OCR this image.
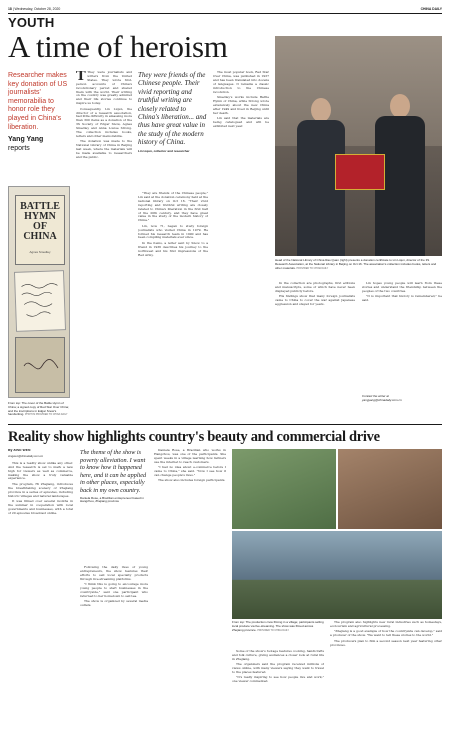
18 | Wednesday, October 28, 2020	CHINA DAILY
YOUTH
A time of heroism
Researcher makes key donation of US journalists' memorabilia to honor role they played in China's liberation.
Yang Yang
reports
BATTLE HYMN OF CHINA
Agnes Smedley
From top: The cover of the Battle Hymn of China; a signed copy of Red Star Over China; and the inscriptions in Edgar Snow's handwriting. PHOTOS PROVIDED TO CHINA DAILY

T They were journalists and writers from the United States. They wrote first-person accounts of China's revolutionary period and shared them with the world. Their writing on the country was greatly admired and their life stories continue to inspire us today.

Consequently, Lin Liqun, the director of a research association, had little difficulty in amassing more than 300 items as a donation of the 3S Society of Edgar Snow, Agnes Smedley and Anna Louise Strong. The collection includes books, letters and other memorabilia.

The donation was made to the National Library of China in Beijing last week, where the materials will be made available to researchers and the public.

They were friends of the Chinese people. Their vivid reporting and truthful writing are closely related to China's liberation... and thus have great value in the study of the modern history of China.
Lin Liqun, collector and researcher

"They are friends of the Chinese people," Lin said at the donation ceremony held at the national library on Oct 16. "Their vivid reporting and truthful writing are closely related to China's liberation in the first half of the 20th century, and they have great value in the study of the modern history of China."

Lin, now 71, began to study foreign journalists who visited China in 1979. He formed his research team in 1990 and has been compiling materials ever since.

In the items, a letter sent by Snow to a friend in 1936 describes his journey to the northwest and his first impressions of the Red Army.

The most popular book, Red Star Over China, was published in 1937 and has been translated into dozens of languages. It remains a classic introduction to the Chinese revolution.

Smedley's works include Battle Hymn of China, while Strong wrote extensively about the new China after 1949 and lived in Beijing until her death.

Lin said that the materials are being catalogued and will be exhibited next year.

Head of the National Library of China Rao Quan (right) presents a donation certificate to Lin Liqun, director of the 3S Research Association, at the National Library in Beijing on Oct 16. The association's collection includes books, letters and other materials. PROVIDED TO CHINA DAILY

In the collection are photographs, first editions and manuscripts, some of which have never been displayed publicly before.

His findings show that many foreign journalists came to China to cover the war against Japanese aggression and stayed for years.

Lin hopes young people will learn from these stories and understand the friendship between the peoples of the two countries.

"It is important that history is remembered," he said.

Contact the writer at
yangyang@chinadaily.com.cn
Reality show highlights country's beauty and commercial drive
By XING WEN
xingwen@chinadaily.com.cn

This is a reality show unlike any other. And the research is set to mark a new high for viewers as well as commerce, making the show a truly valuable experience.

The program, Hi Zhejiang, introduces the breathtaking scenery of Zhejiang province in a series of episodes, including historic villages and natural landscapes.

It was filmed over several months in the summer in cooperation with local governments and businesses, with a total of 20 episodes broadcast online.

The theme of the show is poverty alleviation. I want to know how it happened here, and it can be applied in other places, especially back in my own country.
Daniela Rose, a Brazilian entrepreneur based in Hangzhou, Zhejiang province

Following the daily lives of young entrepreneurs, the show features their efforts to sell local specialty products through live-streaming platforms.

"I think this is going to encourage more young people to start businesses in the countryside," said one participant who returned to her hometown to sell tea.

The show is organized by several media outlets.

Daniela Rose, a Brazilian who works in Hangzhou, was one of the participants. She spent weeks in a village learning how farmers use the internet to reach customers.

"I had no idea about e-commerce before I came to China," she said. "Now I see how it can change people's lives."

The show also includes foreign participants.

From top: The production crew filming in a village; participants selling local produce via live-streaming. The show was filmed across Zhejiang province. PROVIDED TO CHINA DAILY

Some of the show's footage features cooking, handicrafts and folk culture, giving audiences a closer look at rural life in Zhejiang.

The organizers said the program received millions of views online, with many viewers saying they want to travel to the places featured.

"It's really inspiring to see how people live and work," one viewer commented.

The program also highlights new rural industries such as homestays, ecotourism and agricultural processing.

"Zhejiang is a good example of how the countryside can develop," said a producer of the show. "We want to tell these stories to the world."

The producers plan to film a second season next year featuring other provinces.
